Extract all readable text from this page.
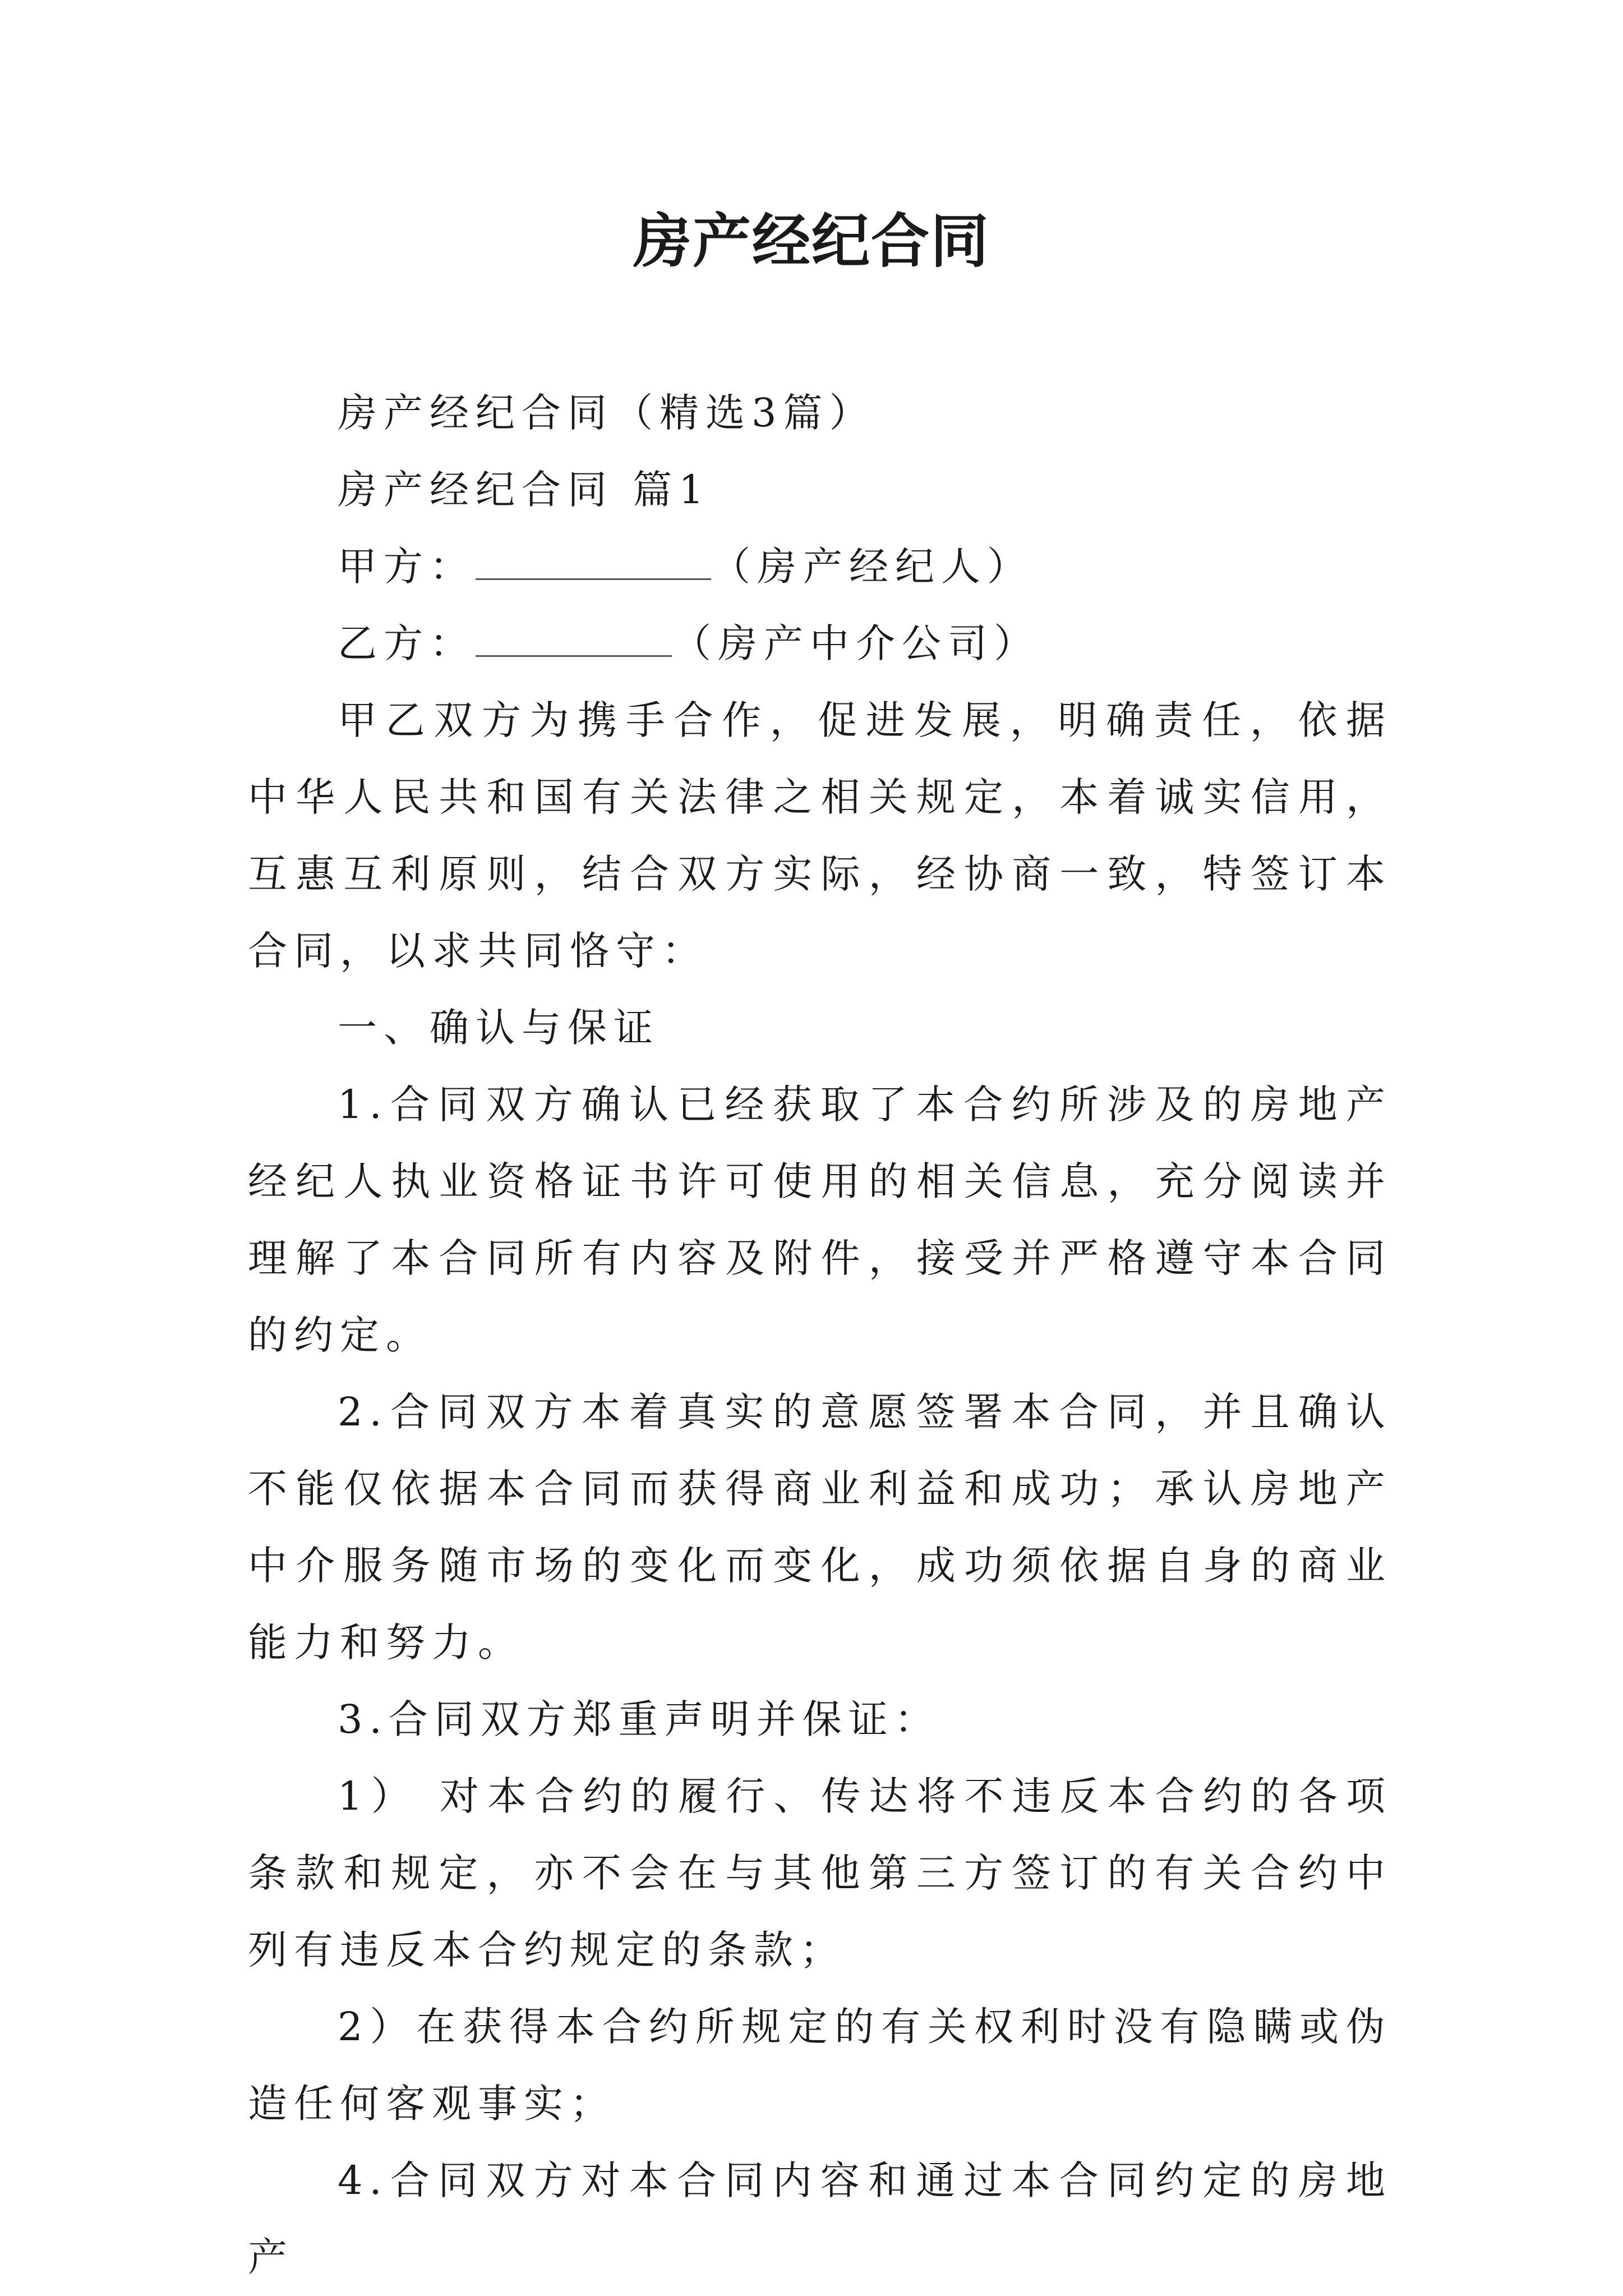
房产经纪合同

房产经纪合同（精选3篇）

房产经纪合同 篇1

甲方：	（房产经纪人）

乙方：	（房产中介公司）

甲乙双方为携手合作，促进发展，明确责任，依据中华人民共和国有关法律之相关规定，本着诚实信用，互惠互利原则，结合双方实际，经协商一致，特签订本合同，以求共同恪守：

一、确认与保证

1.合同双方确认已经获取了本合约所涉及的房地产经纪人执业资格证书许可使用的相关信息，充分阅读并理解了本合同所有内容及附件，接受并严格遵守本合同的约定。

2.合同双方本着真实的意愿签署本合同，并且确认不能仅依据本合同而获得商业利益和成功；承认房地产中介服务随市场的变化而变化，成功须依据自身的商业能力和努力。

3.合同双方郑重声明并保证：

1） 对本合约的履行、传达将不违反本合约的各项条款和规定，亦不会在与其他第三方签订的有关合约中列有违反本合约规定的条款；

2）在获得本合约所规定的有关权利时没有隐瞒或伪造任何客观事实；

4.合同双方对本合同内容和通过本合同约定的房地产
